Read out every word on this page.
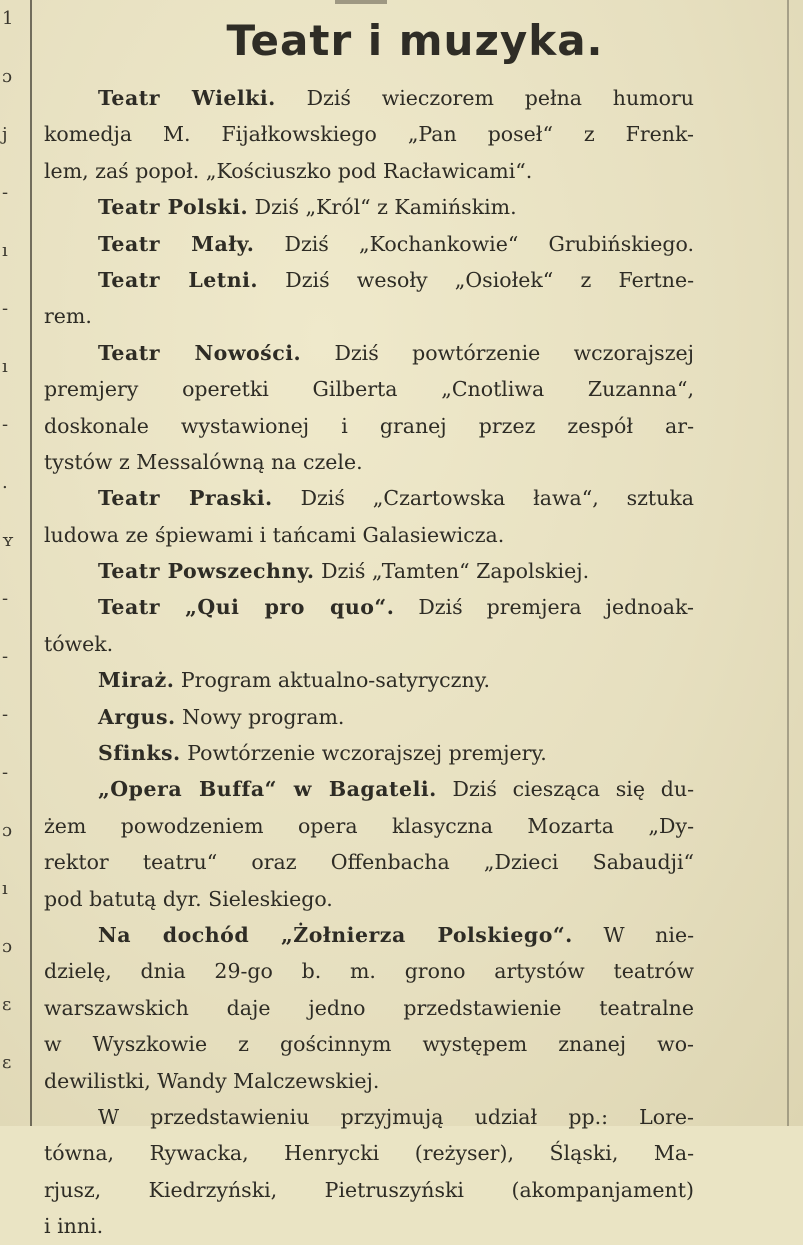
1
ɔ
j
-
ı
-
ı
-
.
ʏ
-
-
-
-
ɔ
ı
ɔ
ɛ
ɛ
Teatr i muzyka.
Teatr Wielki. Dziś wieczorem pełna humoru
komedja M. Fijałkowskiego „Pan poseł“ z Frenk-
lem, zaś popoł. „Kościuszko pod Racławicami“.
Teatr Polski. Dziś „Król“ z Kamińskim.
Teatr Mały. Dziś „Kochankowie“ Grubińskiego.
Teatr Letni. Dziś wesoły „Osiołek“ z Fertne-
rem.
Teatr Nowości. Dziś powtórzenie wczorajszej
premjery operetki Gilberta „Cnotliwa Zuzanna“,
doskonale wystawionej i granej przez zespół ar-
tystów z Messalówną na czele.
Teatr Praski. Dziś „Czartowska ława“, sztuka
ludowa ze śpiewami i tańcami Galasiewicza.
Teatr Powszechny. Dziś „Tamten“ Zapolskiej.
Teatr „Qui pro quo“. Dziś premjera jednoak-
tówek.
Miraż. Program aktualno-satyryczny.
Argus. Nowy program.
Sfinks. Powtórzenie wczorajszej premjery.
„Opera Buffa“ w Bagateli. Dziś ciesząca się du-
żem powodzeniem opera klasyczna Mozarta „Dy-
rektor teatru“ oraz Offenbacha „Dzieci Sabaudji“
pod batutą dyr. Sieleskiego.
Na dochód „Żołnierza Polskiego“. W nie-
dzielę, dnia 29-go b. m. grono artystów teatrów
warszawskich daje jedno przedstawienie teatralne
w Wyszkowie z gościnnym występem znanej wo-
dewilistki, Wandy Malczewskiej.
W przedstawieniu przyjmują udział pp.: Lore-
tówna, Rywacka, Henrycki (reżyser), Śląski, Ma-
rjusz, Kiedrzyński, Pietruszyński (akompanjament)
i inni.
